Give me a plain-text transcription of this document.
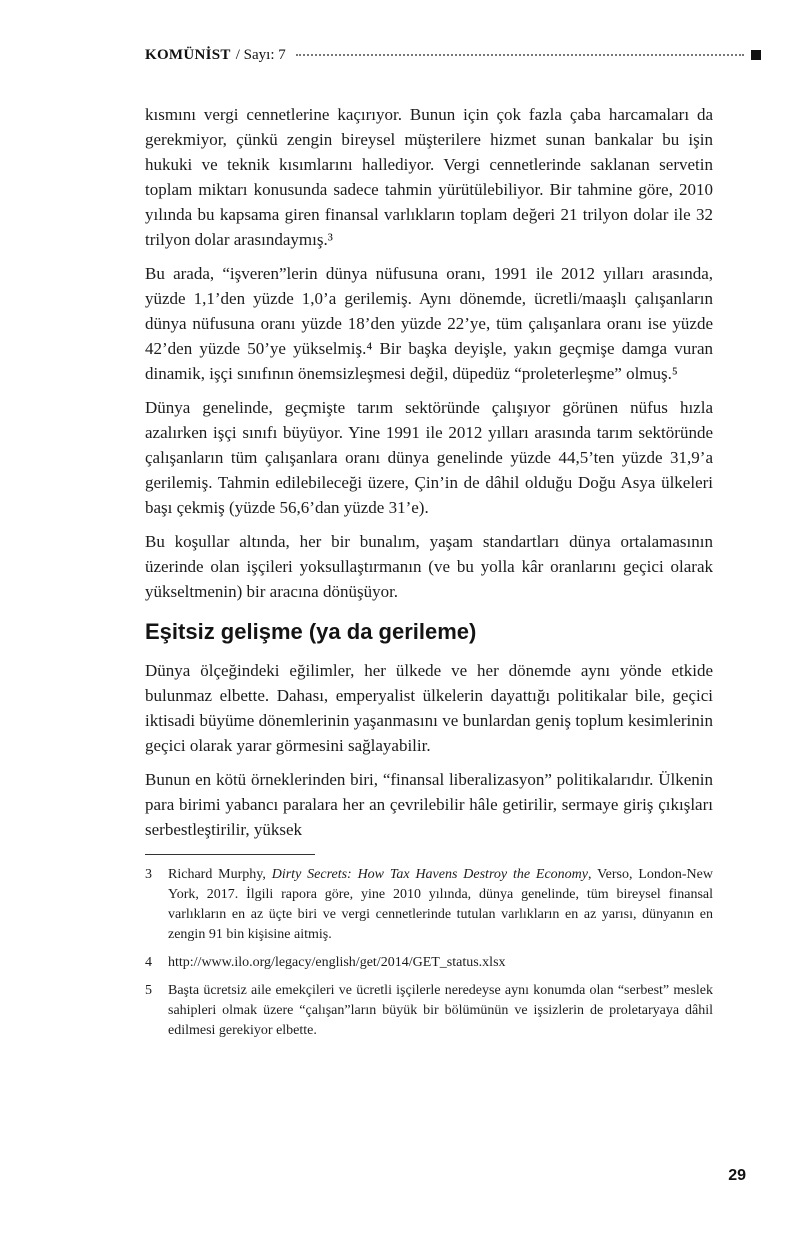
KOMÜNİST / Sayı: 7

kısmını vergi cennetlerine kaçırıyor. Bunun için çok fazla çaba harcamaları da gerekmiyor, çünkü zengin bireysel müşterilere hizmet sunan bankalar bu işin hukuki ve teknik kısımlarını hallediyor. Vergi cennetlerinde saklanan servetin toplam miktarı konusunda sadece tahmin yürütülebiliyor. Bir tahmine göre, 2010 yılında bu kapsama giren finansal varlıkların toplam değeri 21 trilyon dolar ile 32 trilyon dolar arasındaymış.³

Bu arada, “işveren”lerin dünya nüfusuna oranı, 1991 ile 2012 yılları arasında, yüzde 1,1’den yüzde 1,0’a gerilemiş. Aynı dönemde, ücretli/maaşlı çalışanların dünya nüfusuna oranı yüzde 18’den yüzde 22’ye, tüm çalışanlara oranı ise yüzde 42’den yüzde 50’ye yükselmiş.⁴ Bir başka deyişle, yakın geçmişe damga vuran dinamik, işçi sınıfının önemsizleşmesi değil, düpedüz “proleterleşme” olmuş.⁵

Dünya genelinde, geçmişte tarım sektöründe çalışıyor görünen nüfus hızla azalırken işçi sınıfı büyüyor. Yine 1991 ile 2012 yılları arasında tarım sektöründe çalışanların tüm çalışanlara oranı dünya genelinde yüzde 44,5’ten yüzde 31,9’a gerilemiş. Tahmin edilebileceği üzere, Çin’in de dâhil olduğu Doğu Asya ülkeleri başı çekmiş (yüzde 56,6’dan yüzde 31’e).

Bu koşullar altında, her bir bunalım, yaşam standartları dünya ortalamasının üzerinde olan işçileri yoksullaştırmanın (ve bu yolla kâr oranlarını geçici olarak yükseltmenin) bir aracına dönüşüyor.

Eşitsiz gelişme (ya da gerileme)

Dünya ölçeğindeki eğilimler, her ülkede ve her dönemde aynı yönde etkide bulunmaz elbette. Dahası, emperyalist ülkelerin dayattığı politikalar bile, geçici iktisadi büyüme dönemlerinin yaşanmasını ve bunlardan geniş toplum kesimlerinin geçici olarak yarar görmesini sağlayabilir.

Bunun en kötü örneklerinden biri, “finansal liberalizasyon” politikalarıdır. Ülkenin para birimi yabancı paralara her an çevrilebilir hâle getirilir, sermaye giriş çıkışları serbestleştirilir, yüksek

3	Richard Murphy, Dirty Secrets: How Tax Havens Destroy the Economy, Verso, London-New York, 2017. İlgili rapora göre, yine 2010 yılında, dünya genelinde, tüm bireysel finansal varlıkların en az üçte biri ve vergi cennetlerinde tutulan varlıkların en az yarısı, dünyanın en zengin 91 bin kişisine aitmiş.
4	http://www.ilo.org/legacy/english/get/2014/GET_status.xlsx
5	Başta ücretsiz aile emekçileri ve ücretli işçilerle neredeyse aynı konumda olan “serbest” meslek sahipleri olmak üzere “çalışan”ların büyük bir bölümünün ve işsizlerin de proletaryaya dâhil edilmesi gerekiyor elbette.
29
